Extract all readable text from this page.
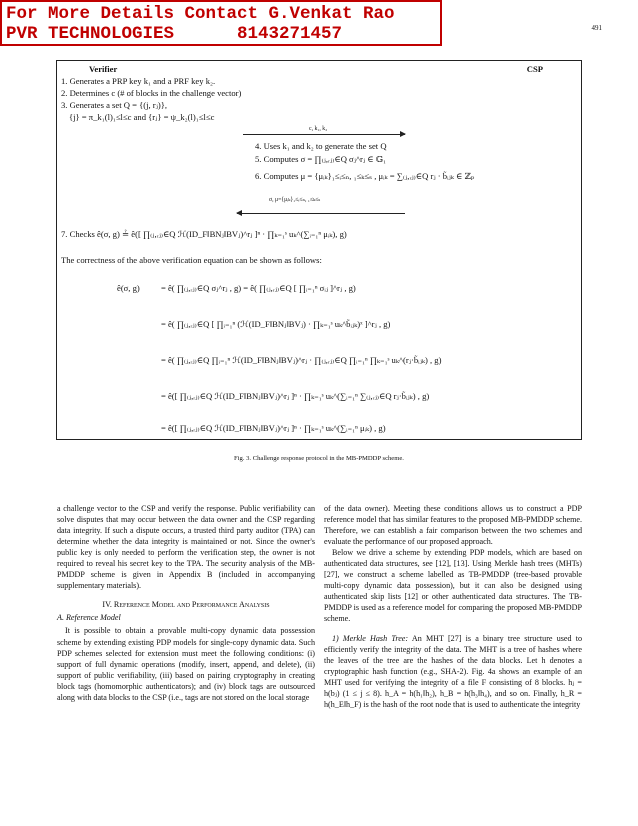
For More Details Contact G.Venkat Rao
PVR TECHNOLOGIES	8143271457	491
Verifier	CSP
1. Generates a PRP key k₁ and a PRF key k₂.
2. Determines c (# of blocks in the challenge vector)
3. Generates a set Q = {(j, rⱼ)},
{j} = π_k₁(l)₁≤l≤c and {rⱼ} = ψ_k₂(l)₁≤l≤c
c, k₁, k₂
4. Uses k₁ and k₂ to generate the set Q
5. Computes σ = ∏₍ⱼ,ᵣⱼ₎∈Q σⱼ^rⱼ ∈ 𝔾₁
6. Computes μ = {μᵢₖ}₁≤ᵢ≤ₙ, ₁≤ₖ≤ₛ , μᵢₖ = ∑₍ⱼ,ᵣⱼ₎∈Q rⱼ · b̃ᵢⱼₖ ∈ ℤₚ
σ, μ={μᵢₖ}₁≤ᵢ≤ₙ, ₁≤ₖ≤ₛ
7. Checks ê(σ, g) ≟ ê([ ∏₍ⱼ,ᵣⱼ₎∈Q ℋ(ID_F‖BNⱼ‖BVⱼ)^rⱼ ]ⁿ · ∏ₖ₌₁ˢ uₖ^(∑ᵢ₌₁ⁿ μᵢₖ), g)
The correctness of the above verification equation can be shown as follows:
ê(σ, g) = ê( ∏₍ⱼ,ᵣⱼ₎∈Q σⱼ^rⱼ , g) = ê( ∏₍ⱼ,ᵣⱼ₎∈Q [ ∏ᵢ₌₁ⁿ σᵢⱼ ]^rⱼ , g)
= ê( ∏₍ⱼ,ᵣⱼ₎∈Q [ ∏ᵢ₌₁ⁿ (ℋ(ID_F‖BNⱼ‖BVⱼ) · ∏ₖ₌₁ˢ uₖ^b̃ᵢⱼₖ)ˣ ]^rⱼ , g)
= ê( ∏₍ⱼ,ᵣⱼ₎∈Q ∏ᵢ₌₁ⁿ ℋ(ID_F‖BNⱼ‖BVⱼ)^rⱼ · ∏₍ⱼ,ᵣⱼ₎∈Q ∏ᵢ₌₁ⁿ ∏ₖ₌₁ˢ uₖ^(rⱼ·b̃ᵢⱼₖ) , g)
= ê([ ∏₍ⱼ,ᵣⱼ₎∈Q ℋ(ID_F‖BNⱼ‖BVⱼ)^rⱼ ]ⁿ · ∏ₖ₌₁ˢ uₖ^(∑ᵢ₌₁ⁿ ∑₍ⱼ,ᵣⱼ₎∈Q rⱼ·b̃ᵢⱼₖ) , g)
= ê([ ∏₍ⱼ,ᵣⱼ₎∈Q ℋ(ID_F‖BNⱼ‖BVⱼ)^rⱼ ]ⁿ · ∏ₖ₌₁ˢ uₖ^(∑ᵢ₌₁ⁿ μᵢₖ) , g)
Fig. 3. Challenge response protocol in the MB-PMDDP scheme.

a challenge vector to the CSP and verify the response. Public verifiability can solve disputes that may occur between the data owner and the CSP regarding data integrity. If such a dispute occurs, a trusted third party auditor (TPA) can determine whether the data integrity is maintained or not. Since the owner's public key is only needed to perform the verification step, the owner is not required to reveal his secret key to the TPA. The security analysis of the MB-PMDDP scheme is given in Appendix B (included in accompanying supplementary materials).

IV. Reference Model and Performance Analysis
A. Reference Model

It is possible to obtain a provable multi-copy dynamic data possession scheme by extending existing PDP models for single-copy dynamic data. Such PDP schemes selected for extension must meet the following conditions: (i) support of full dynamic operations (modify, insert, append, and delete), (ii) support of public verifiability, (iii) based on pairing cryptography in creating block tags (homomorphic authenticators); and (iv) block tags are outsourced along with data blocks to the CSP (i.e., tags are not stored on the local storage

of the data owner). Meeting these conditions allows us to construct a PDP reference model that has similar features to the proposed MB-PMDDP scheme. Therefore, we can establish a fair comparison between the two schemes and evaluate the performance of our proposed approach.

Below we drive a scheme by extending PDP models, which are based on authenticated data structures, see [12], [13]. Using Merkle hash trees (MHTs) [27], we construct a scheme labelled as TB-PMDDP (tree-based provable multi-copy dynamic data possession), but it can also be designed using authenticated skip lists [12] or other authenticated data structures. The TB-PMDDP is used as a reference model for comparing the proposed MB-PMDDP scheme.

1) Merkle Hash Tree: An MHT [27] is a binary tree structure used to efficiently verify the integrity of the data. The MHT is a tree of hashes where the leaves of the tree are the hashes of the data blocks. Let h denotes a cryptographic hash function (e.g., SHA-2). Fig. 4a shows an example of an MHT used for verifying the integrity of a file F consisting of 8 blocks. hⱼ = h(bⱼ) (1 ≤ j ≤ 8). h_A = h(h₁‖h₂), h_B = h(h₃‖h₄), and so on. Finally, h_R = h(h_E‖h_F) is the hash of the root node that is used to authenticate the integrity
